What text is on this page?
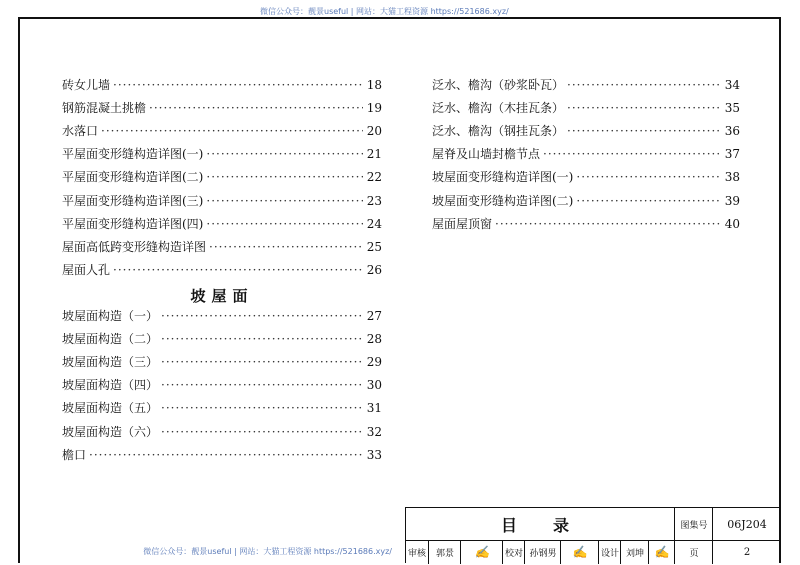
微信公众号：靓景useful | 网站：大猫工程资源 https://521686.xyz/
砖女儿墙 ·····	18
钢筋混凝土挑檐 ·····	19
水落口 ·····	20
平屋面变形缝构造详图(一) ·····	21
平屋面变形缝构造详图(二) ·····	22
平屋面变形缝构造详图(三) ·····	23
平屋面变形缝构造详图(四) ·····	24
屋面高低跨变形缝构造详图 ·····	25
屋面人孔 ·····	26
坡屋面
坡屋面构造（一） ·····	27
坡屋面构造（二） ·····	28
坡屋面构造（三） ·····	29
坡屋面构造（四） ·····	30
坡屋面构造（五） ·····	31
坡屋面构造（六） ·····	32
檐口 ·····	33
泛水、檐沟（砂浆卧瓦） ·····	34
泛水、檐沟（木挂瓦条） ·····	35
泛水、檐沟（钢挂瓦条） ·····	36
屋脊及山墙封檐节点 ·····	37
坡屋面变形缝构造详图(一) ·····	38
坡屋面变形缝构造详图(二) ·····	39
屋面屋顶窗 ·····	40
目　录	图集号	06J204
审核	郭景	✍	校对 孙钢男	✍	设计 刘坤 ✍	页	2
微信公众号：靓景useful | 网站：大猫工程资源 https://521686.xyz/
